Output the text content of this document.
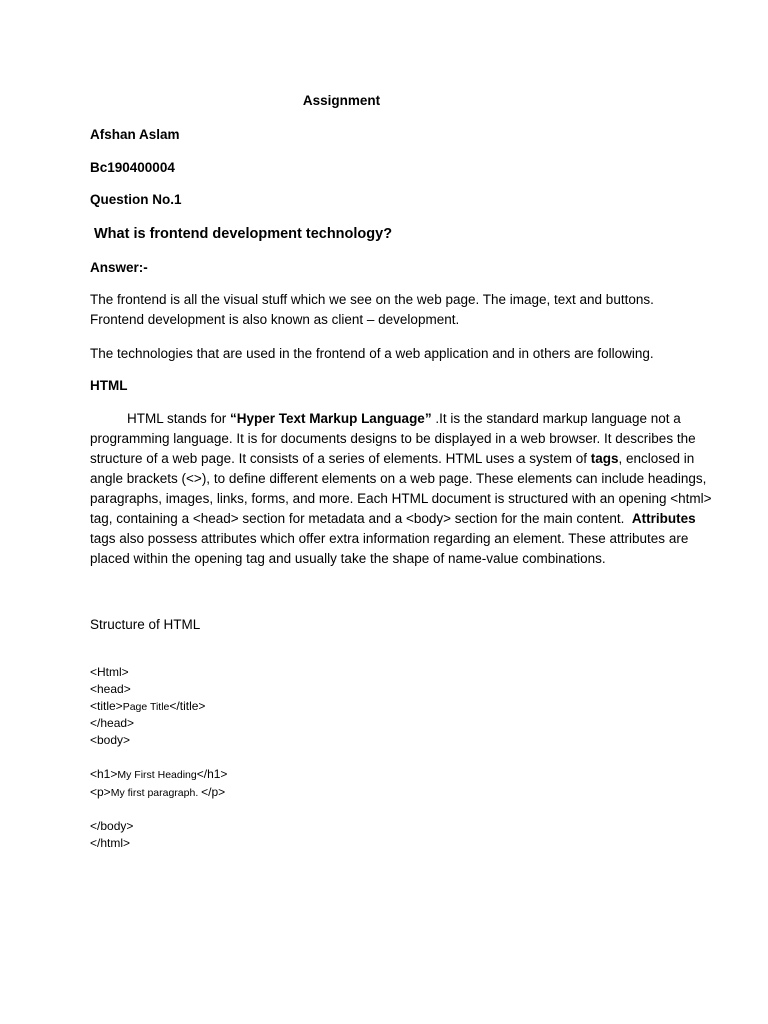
Assignment
Afshan Aslam
Bc190400004
Question No.1
What is frontend development technology?
Answer:-

The frontend is all the visual stuff which we see on the web page. The image, text and buttons.

Frontend development is also known as client – development.

The technologies that are used in the frontend of a web application and in others are following.
HTML

HTML stands for “Hyper Text Markup Language” .It is the standard markup language not a

programming language. It is for documents designs to be displayed in a web browser. It describes the

structure of a web page. It consists of a series of elements. HTML uses a system of tags, enclosed in

angle brackets (<>), to define different elements on a web page. These elements can include headings,

paragraphs, images, links, forms, and more. Each HTML document is structured with an opening <html>

tag, containing a <head> section for metadata and a <body> section for the main content.  Attributes

tags also possess attributes which offer extra information regarding an element. These attributes are

placed within the opening tag and usually take the shape of name-value combinations.

Structure of HTML
<Html>
<head>
<title>Page Title</title>
</head>
<body>
<h1>My First Heading</h1>
<p>My first paragraph. </p>
</body>
</html>
